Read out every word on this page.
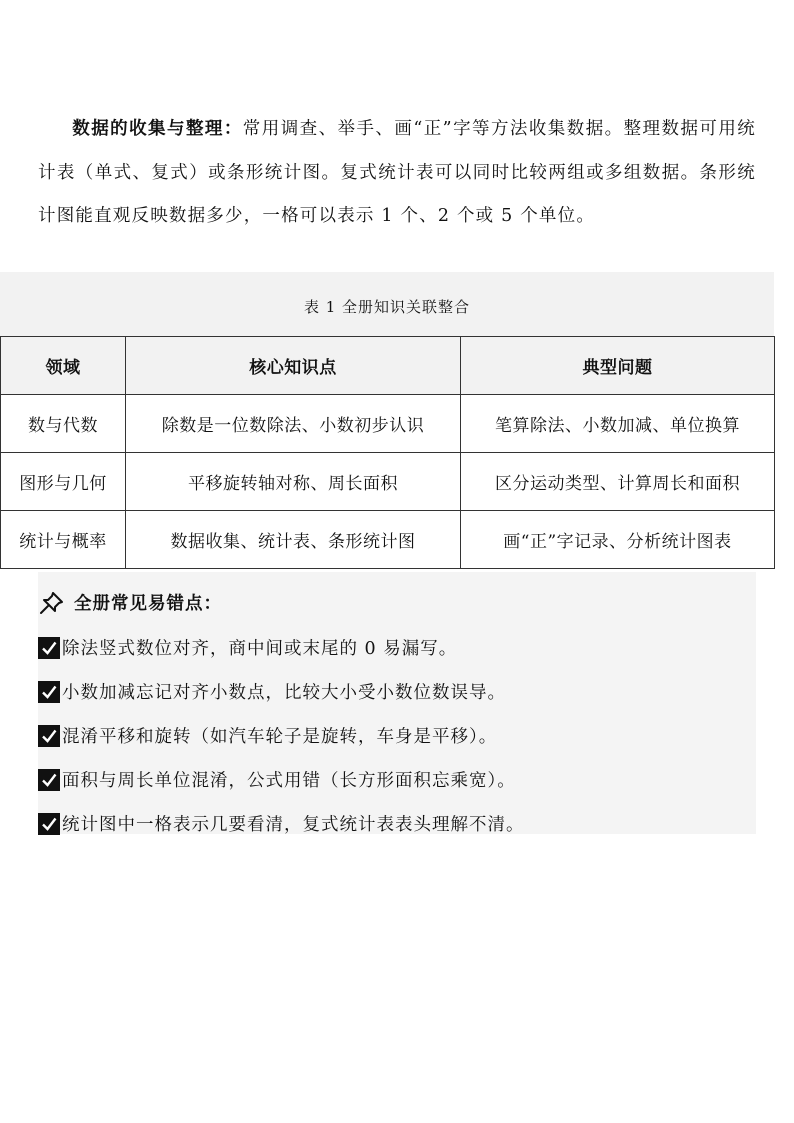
数据的收集与整理：常用调查、举手、画“正”字等方法收集数据。整理数据可用统计表（单式、复式）或条形统计图。复式统计表可以同时比较两组或多组数据。条形统计图能直观反映数据多少，一格可以表示 1 个、2 个或 5 个单位。
表 1 全册知识关联整合
领域	核心知识点	典型问题
数与代数	除数是一位数除法、小数初步认识	笔算除法、小数加减、单位换算
图形与几何	平移旋转轴对称、周长面积	区分运动类型、计算周长和面积
统计与概率	数据收集、统计表、条形统计图	画“正”字记录、分析统计图表
全册常见易错点：
除法竖式数位对齐，商中间或末尾的 0 易漏写。
小数加减忘记对齐小数点，比较大小受小数位数误导。
混淆平移和旋转（如汽车轮子是旋转，车身是平移）。
面积与周长单位混淆，公式用错（长方形面积忘乘宽）。
统计图中一格表示几要看清，复式统计表表头理解不清。
